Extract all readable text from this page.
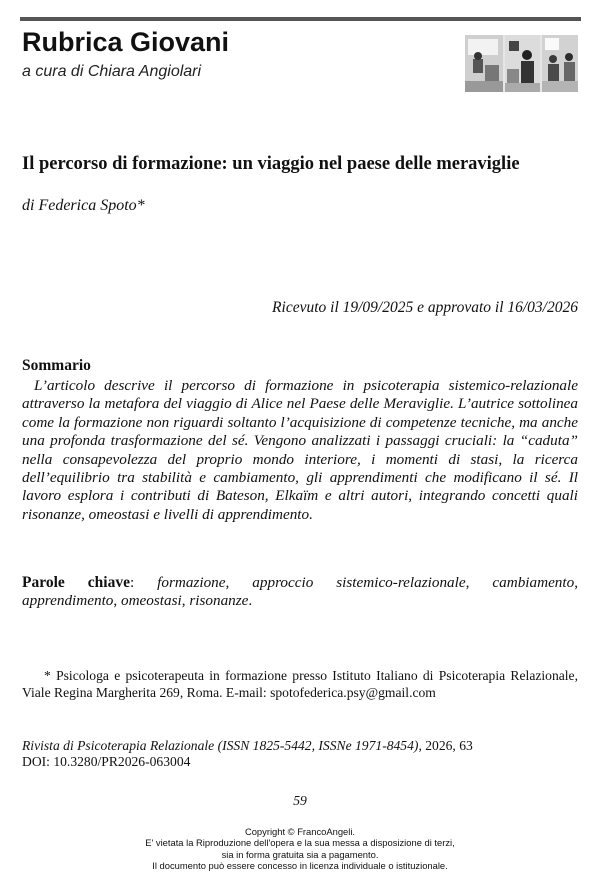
Rubrica Giovani
a cura di Chiara Angiolari
Il percorso di formazione: un viaggio nel paese delle meraviglie
di Federica Spoto*
Ricevuto il 19/09/2025 e approvato il 16/03/2026
Sommario

L’articolo descrive il percorso di formazione in psicoterapia sistemico-relazionale attraverso la metafora del viaggio di Alice nel Paese delle Meraviglie. L’autrice sottolinea come la formazione non riguardi soltanto l’acquisizione di competenze tecniche, ma anche una profonda trasformazione del sé. Vengono analizzati i passaggi cruciali: la “caduta” nella consapevolezza del proprio mondo interiore, i momenti di stasi, la ricerca dell’equilibrio tra stabilità e cambiamento, gli apprendimenti che modificano il sé. Il lavoro esplora i contributi di Bateson, Elkaïm e altri autori, integrando concetti quali risonanze, omeostasi e livelli di apprendimento.

Parole chiave: formazione, approccio sistemico-relazionale, cambiamento, apprendimento, omeostasi, risonanze.

* Psicologa e psicoterapeuta in formazione presso Istituto Italiano di Psicoterapia Relazionale, Viale Regina Margherita 269, Roma. E-mail: spotofederica.psy@gmail.com

Rivista di Psicoterapia Relazionale (ISSN 1825-5442, ISSNe 1971-8454), 2026, 63
DOI: 10.3280/PR2026-063004
59
Copyright © FrancoAngeli.
E' vietata la Riproduzione dell'opera e la sua messa a disposizione di terzi,
sia in forma gratuita sia a pagamento.
Il documento può essere concesso in licenza individuale o istituzionale.
